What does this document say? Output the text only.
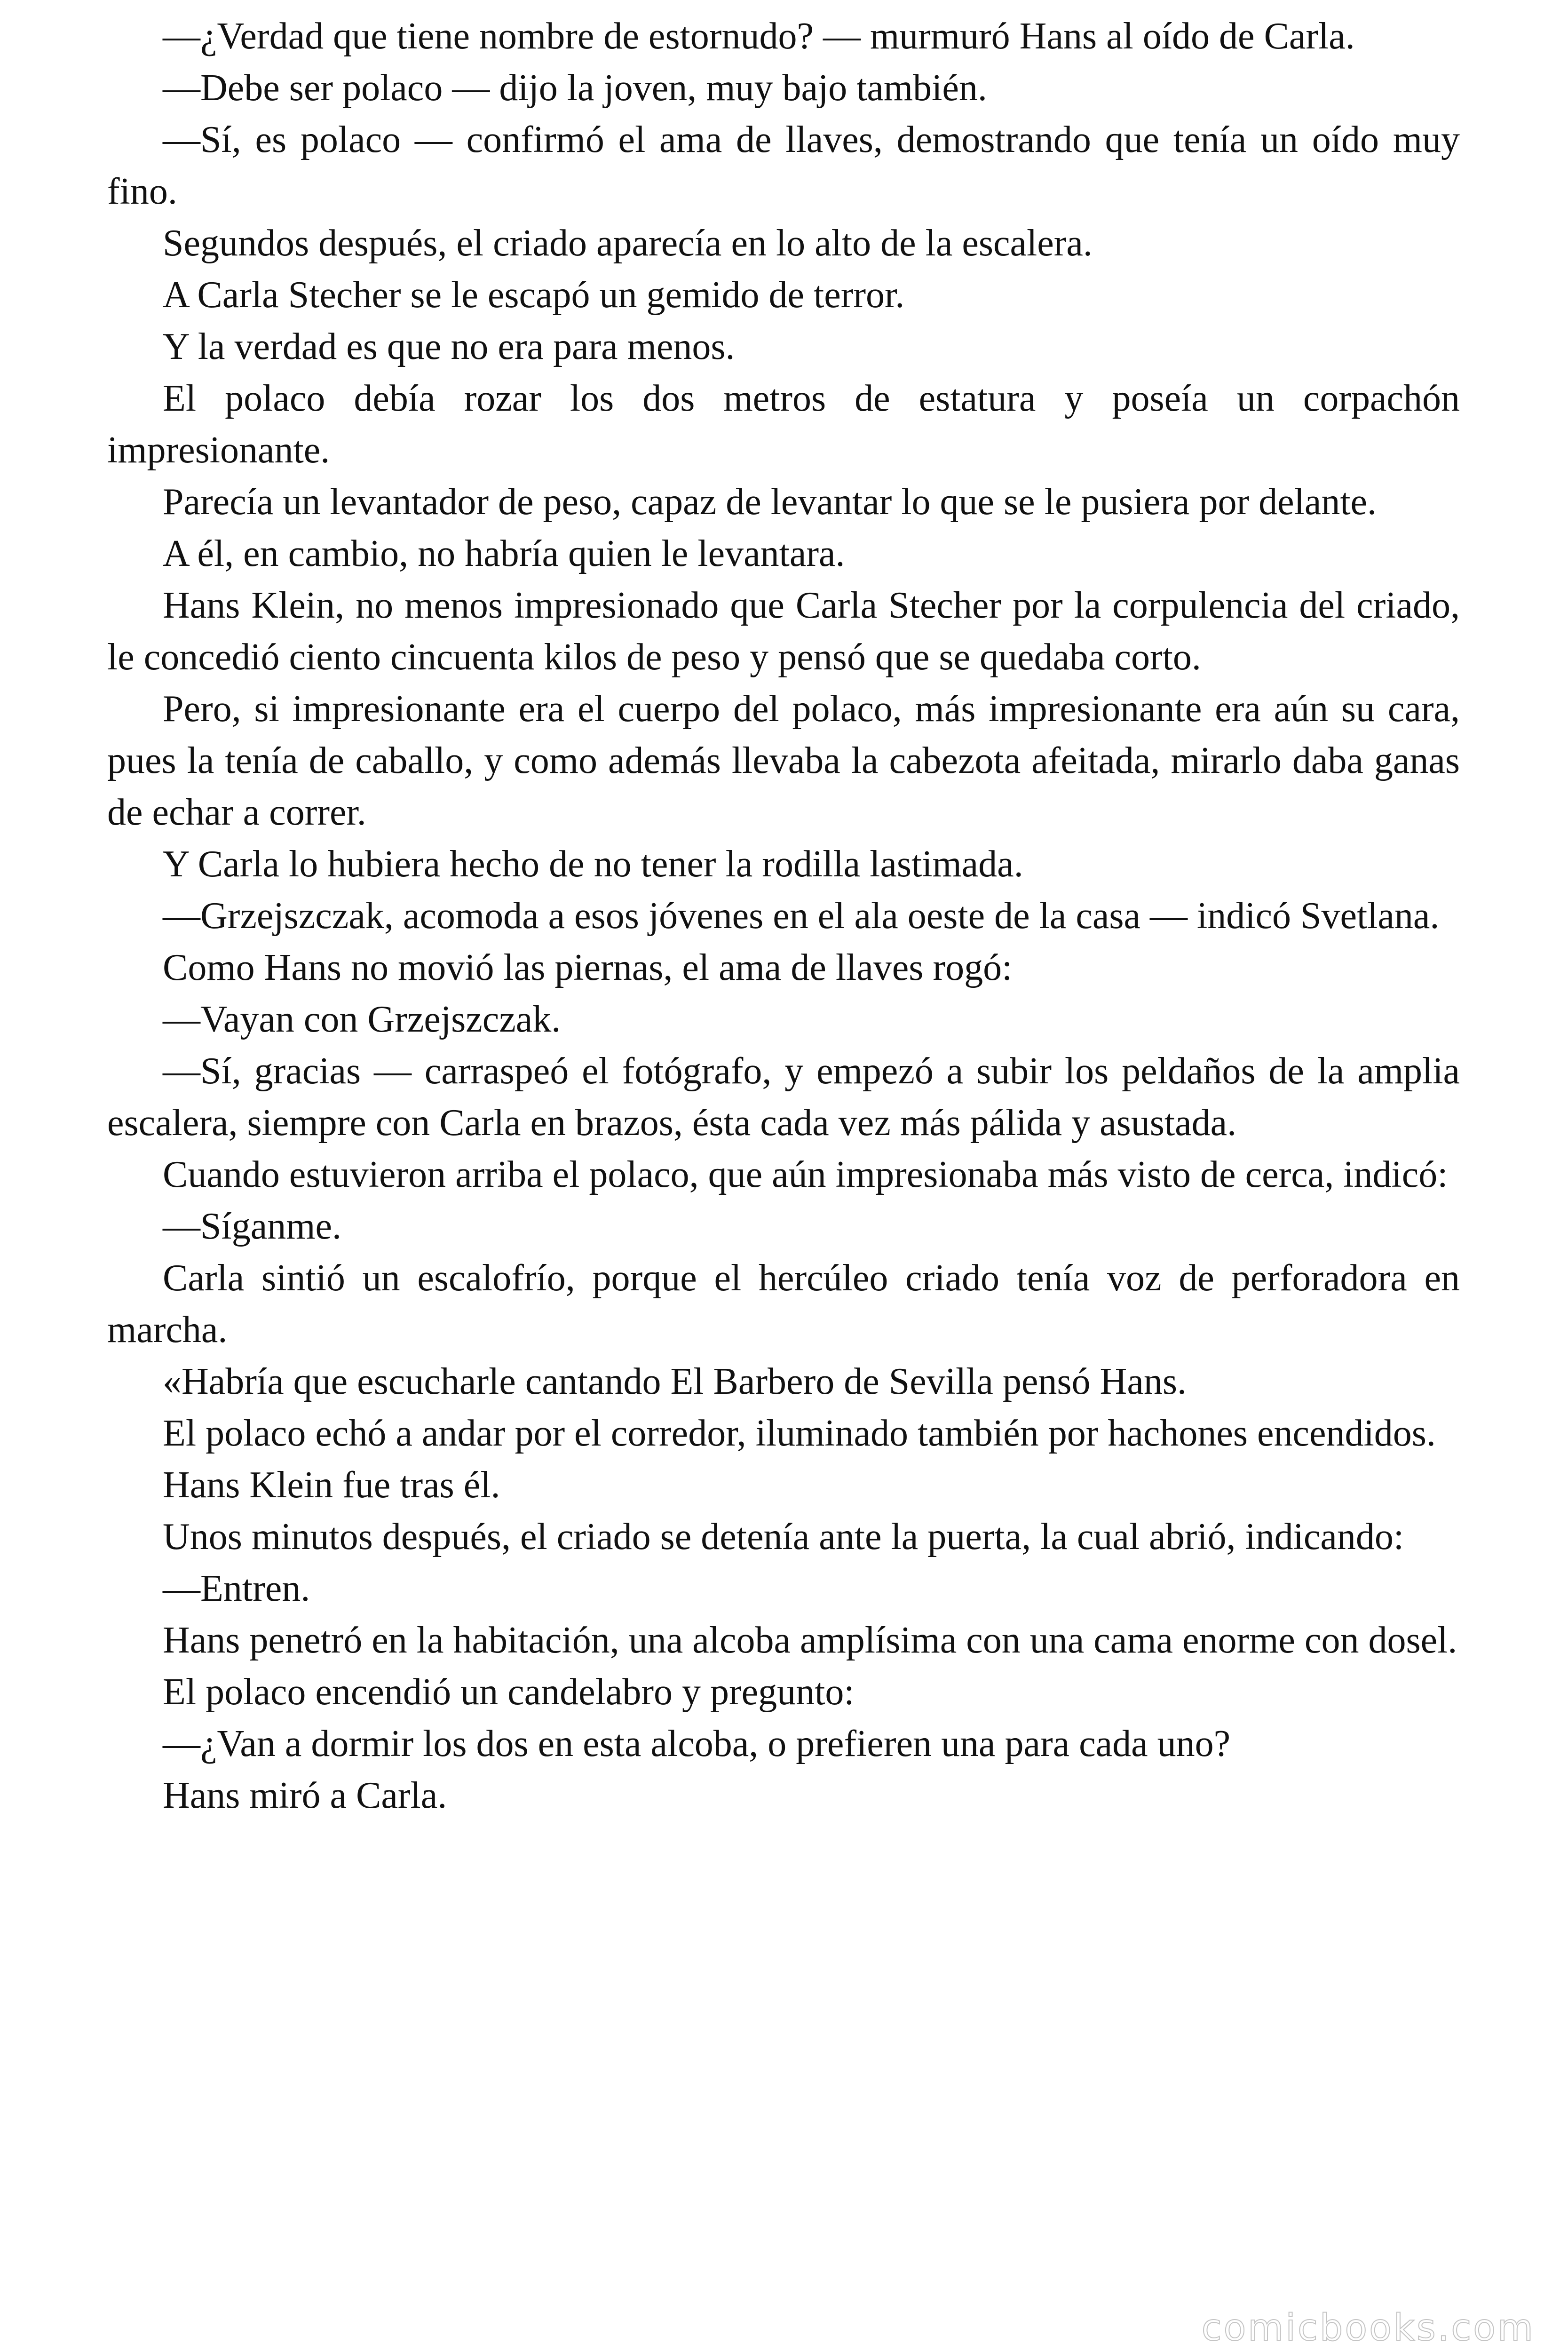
—¿Verdad que tiene nombre de estornudo? — murmuró Hans al oído de Carla.

—Debe ser polaco — dijo la joven, muy bajo también.

—Sí, es polaco — confirmó el ama de llaves, demostrando que tenía un oído muy fino.

Segundos después, el criado aparecía en lo alto de la escalera.

A Carla Stecher se le escapó un gemido de terror.

Y la verdad es que no era para menos.

El polaco debía rozar los dos metros de estatura y poseía un corpachón impresionante.

Parecía un levantador de peso, capaz de levantar lo que se le pusiera por delante.

A él, en cambio, no habría quien le levantara.

Hans Klein, no menos impresionado que Carla Stecher por la corpulencia del criado, le concedió ciento cincuenta kilos de peso y pensó que se quedaba corto.

Pero, si impresionante era el cuerpo del polaco, más impresionante era aún su cara, pues la tenía de caballo, y como además llevaba la cabezota afeitada, mirarlo daba ganas de echar a correr.

Y Carla lo hubiera hecho de no tener la rodilla lastimada.

—Grzejszczak, acomoda a esos jóvenes en el ala oeste de la casa — indicó Svetlana.

Como Hans no movió las piernas, el ama de llaves rogó:

—Vayan con Grzejszczak.

—Sí, gracias — carraspeó el fotógrafo, y empezó a subir los peldaños de la amplia escalera, siempre con Carla en brazos, ésta cada vez más pálida y asustada.

Cuando estuvieron arriba el polaco, que aún impresionaba más visto de cerca, indicó:

—Síganme.

Carla sintió un escalofrío, porque el hercúleo criado tenía voz de perforadora en marcha.

«Habría que escucharle cantando El Barbero de Sevilla pensó Hans.

El polaco echó a andar por el corredor, iluminado también por hachones encendidos.

Hans Klein fue tras él.

Unos minutos después, el criado se detenía ante la puerta, la cual abrió, indicando:

—Entren.

Hans penetró en la habitación, una alcoba amplísima con una cama enorme con dosel.

El polaco encendió un candelabro y pregunto:

—¿Van a dormir los dos en esta alcoba, o prefieren una para cada uno?

Hans miró a Carla.

comicbooks.com
